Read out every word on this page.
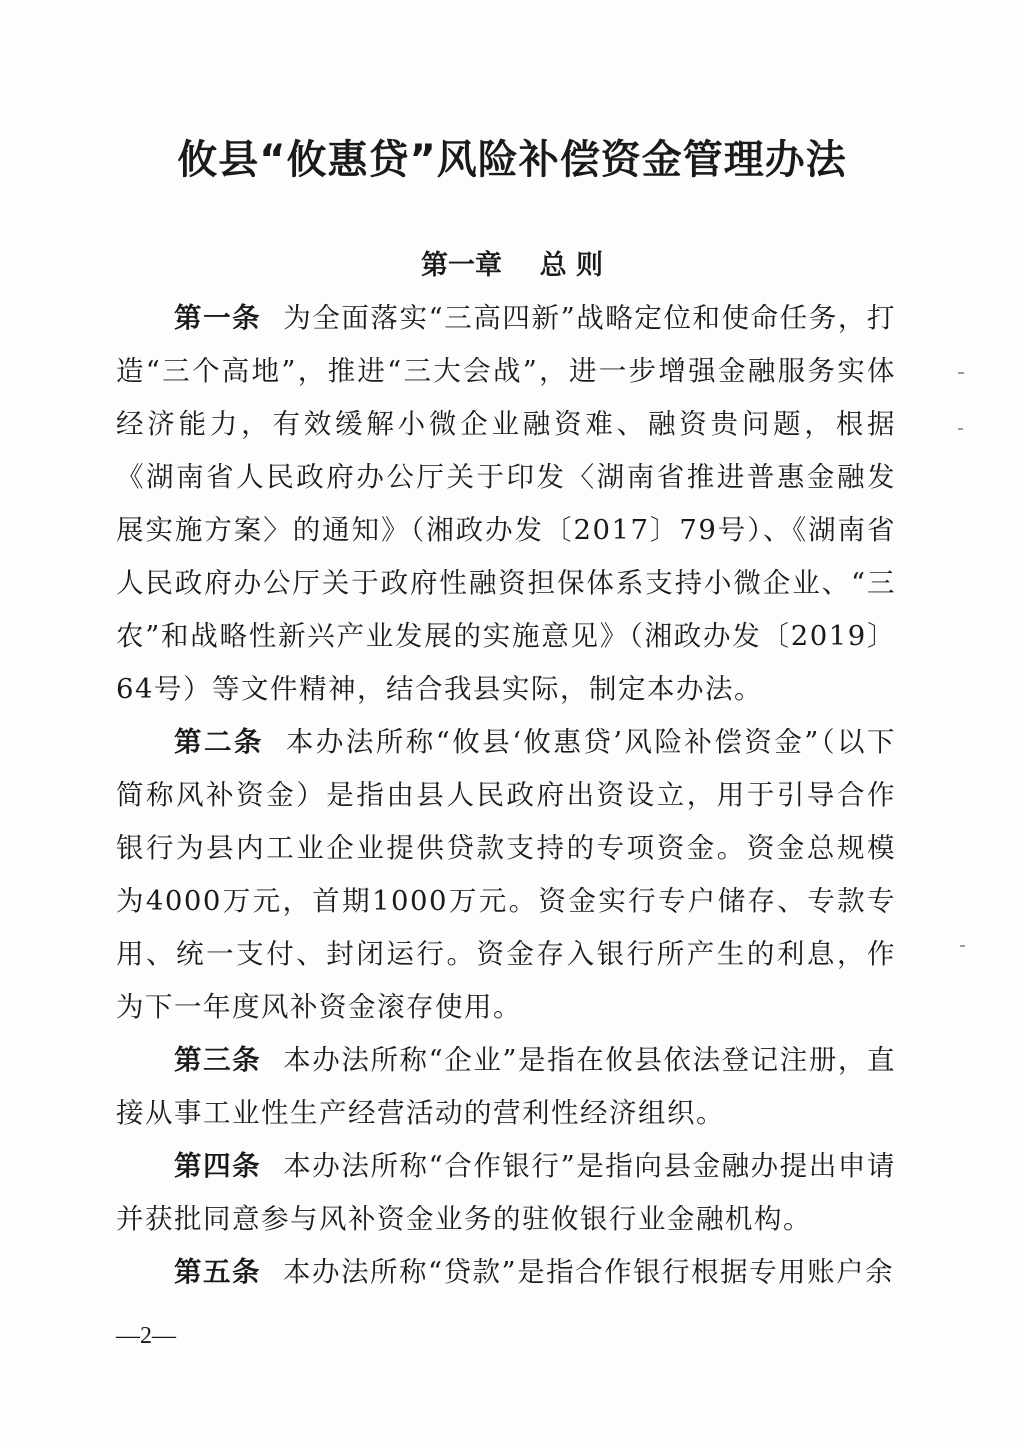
攸县“攸惠贷”风险补偿资金管理办法
第一章    总 则

第一条 为全面落实“三高四新”战略定位和使命任务，打造“三个高地”，推进“三大会战”，进一步增强金融服务实体经济能力，有效缓解小微企业融资难、融资贵问题，根据《湖南省人民政府办公厅关于印发〈湖南省推进普惠金融发展实施方案〉的通知》（湘政办发〔2017〕79号）、《湖南省人民政府办公厅关于政府性融资担保体系支持小微企业、“三农”和战略性新兴产业发展的实施意见》（湘政办发〔2019〕64号）等文件精神，结合我县实际，制定本办法。

第二条 本办法所称“攸县‘攸惠贷’风险补偿资金”（以下简称风补资金）是指由县人民政府出资设立，用于引导合作银行为县内工业企业提供贷款支持的专项资金。资金总规模为4000万元，首期1000万元。资金实行专户储存、专款专用、统一支付、封闭运行。资金存入银行所产生的利息，作为下一年度风补资金滚存使用。

第三条 本办法所称“企业”是指在攸县依法登记注册，直接从事工业性生产经营活动的营利性经济组织。

第四条 本办法所称“合作银行”是指向县金融办提出申请并获批同意参与风补资金业务的驻攸银行业金融机构。

第五条 本办法所称“贷款”是指合作银行根据专用账户余

—2—
